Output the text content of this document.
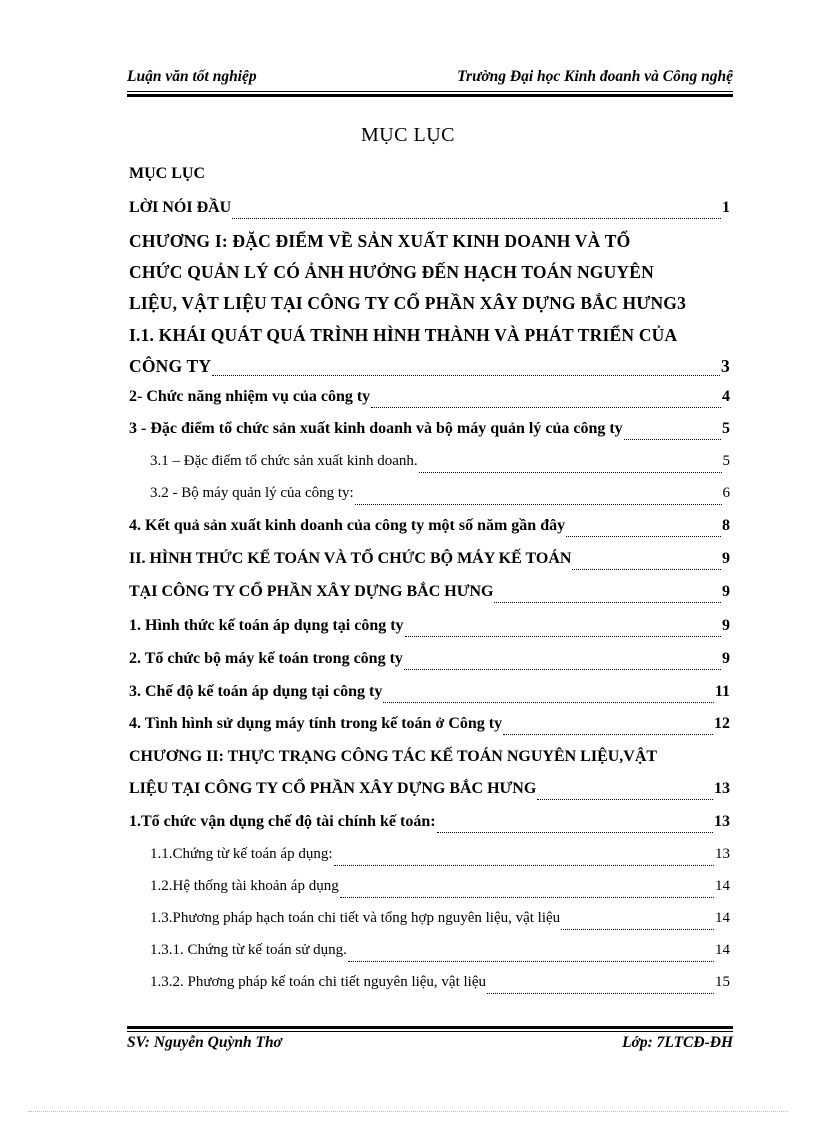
Luận văn tốt nghiệp	Trường Đại học Kinh đoanh và Công nghệ
MỤC LỤC
MỤC LỤC
LỜI NÓI ĐẦU	1
CHƯƠNG I: ĐẶC ĐIỂM VỀ SẢN XUẤT KINH DOANH VÀ TỔ
CHỨC QUẢN LÝ CÓ ẢNH HƯỞNG ĐẾN HẠCH TOÁN NGUYÊN
LIỆU, VẬT LIỆU TẠI CÔNG TY CỔ PHẦN XÂY DỰNG BẮC HƯNG3
I.1. KHÁI QUÁT QUÁ TRÌNH HÌNH THÀNH VÀ PHÁT TRIỂN CỦA
CÔNG TY	3
2- Chức năng nhiệm vụ của công ty	4
3 - Đặc điểm tổ chức sản xuất kinh doanh và bộ máy quản lý của công ty	5
3.1 – Đặc điểm tổ chức sản xuất kinh doanh.	5
3.2 - Bộ máy quản lý của công ty:	6
4. Kết quả sản xuất kinh doanh của công ty một số năm gần đây	8
II. HÌNH THỨC KẾ TOÁN VÀ TỔ CHỨC BỘ MÁY KẾ TOÁN	9
TẠI CÔNG TY CỔ PHẦN XÂY DỰNG BẮC HƯNG	9
1. Hình thức kế toán áp dụng tại công ty	9
2. Tổ chức bộ máy kế toán trong công ty	9
3. Chế độ kế toán áp dụng tại công ty	11
4. Tình hình sử dụng máy tính trong kế toán ở Công ty	12
CHƯƠNG II: THỰC TRẠNG CÔNG TÁC KẾ TOÁN NGUYÊN LIỆU,VẬT
LIỆU TẠI CÔNG TY CỔ PHẦN XÂY DỰNG BẮC HƯNG	13
1.Tổ chức vận dụng chế độ tài chính kế toán:	13
1.1.Chứng từ kế toán áp dụng:	13
1.2.Hệ thống tài khoản áp dụng	14
1.3.Phương pháp hạch toán chi tiết và tổng hợp nguyên liệu, vật liệu	14
1.3.1. Chứng từ kế toán sử dụng.	14
1.3.2. Phương pháp kế toán chi tiết nguyên liệu, vật liệu	15
SV: Nguyễn Quỳnh Thơ	Lớp: 7LTCĐ-ĐH
